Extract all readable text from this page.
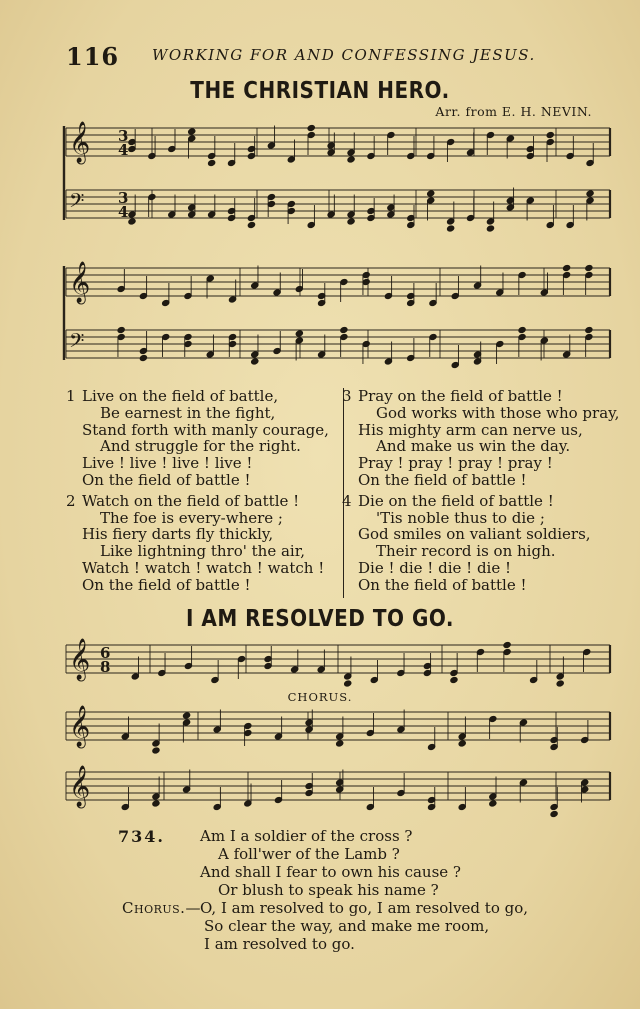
116 WORKING FOR AND CONFESSING JESUS.
THE CHRISTIAN HERO.
Arr. from E. H. NEVIN.
𝄞 3
4
𝄢 3
4
𝄞
𝄢
𝄞 6
8
𝄞
𝄞
1 Live on the field of battle,
Be earnest in the fight,
Stand forth with manly courage,
And struggle for the right.
Live ! live ! live ! live !
On the field of battle !
2 Watch on the field of battle !
The foe is every-where ;
His fiery darts fly thickly,
Like lightning thro' the air,
Watch ! watch ! watch ! watch !
On the field of battle !
3 Pray on the field of battle !
God works with those who pray,
His mighty arm can nerve us,
And make us win the day.
Pray ! pray ! pray ! pray !
On the field of battle !
4 Die on the field of battle !
'Tis noble thus to die ;
God smiles on valiant soldiers,
Their record is on high.
Die ! die ! die ! die !
On the field of battle !
I AM RESOLVED TO GO.
CHORUS.
734. Am I a soldier of the cross ?
A foll'wer of the Lamb ?
And shall I fear to own his cause ?
Or blush to speak his name ?
Chorus.— O, I am resolved to go, I am resolved to go,
So clear the way, and make me room,
I am resolved to go.
